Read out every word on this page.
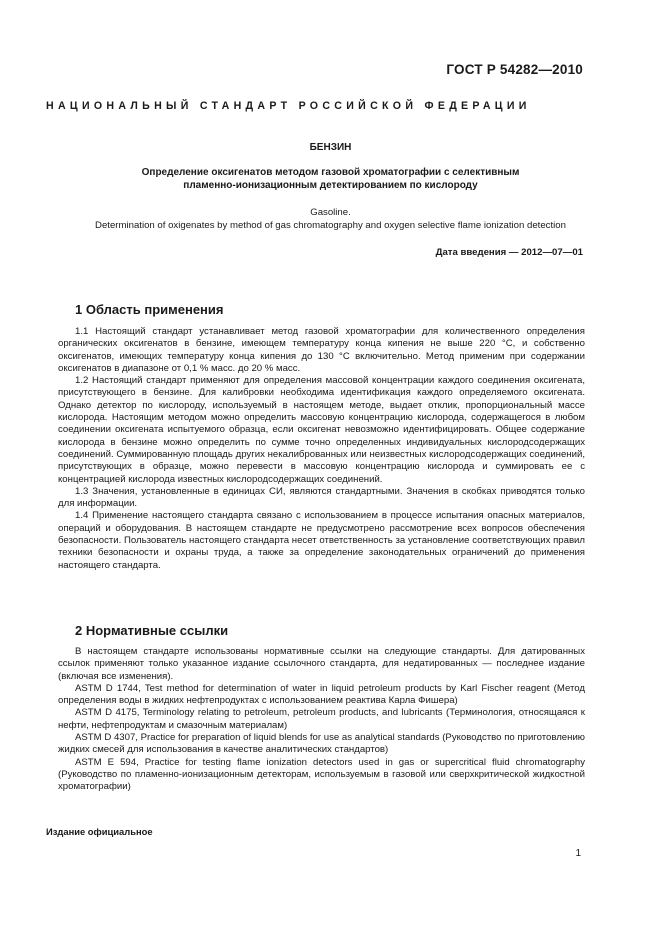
ГОСТ Р 54282—2010
НАЦИОНАЛЬНЫЙ СТАНДАРТ РОССИЙСКОЙ ФЕДЕРАЦИИ
БЕНЗИН
Определение оксигенатов методом газовой хроматографии с селективным
пламенно-ионизационным детектированием по кислороду
Gasoline.
Determination of oxigenates by method of gas chromatography and oxygen selective flame ionization detection
Дата введения — 2012—07—01
1 Область применения

1.1 Настоящий стандарт устанавливает метод газовой хроматографии для количественного определения органических оксигенатов в бензине, имеющем температуру конца кипения не выше 220 °С, и собственно оксигенатов, имеющих температуру конца кипения до 130 °С включительно. Метод применим при содержании оксигенатов в диапазоне от 0,1 % масс. до 20 % масс.

1.2 Настоящий стандарт применяют для определения массовой концентрации каждого соединения оксигената, присутствующего в бензине. Для калибровки необходима идентификация каждого определяемого оксигената. Однако детектор по кислороду, используемый в настоящем методе, выдает отклик, пропорциональный массе кислорода. Настоящим методом можно определить массовую концентрацию кислорода, содержащегося в любом соединении оксигената испытуемого образца, если оксигенат невозможно идентифицировать. Общее содержание кислорода в бензине можно определить по сумме точно определенных индивидуальных кислородсодержащих соединений. Суммированную площадь других некалиброванных или неизвестных кислородсодержащих соединений, присутствующих в образце, можно перевести в массовую концентрацию кислорода и суммировать ее с концентрацией кислорода известных кислородсодержащих соединений.

1.3 Значения, установленные в единицах СИ, являются стандартными. Значения в скобках приводятся только для информации.

1.4 Применение настоящего стандарта связано с использованием в процессе испытания опасных материалов, операций и оборудования. В настоящем стандарте не предусмотрено рассмотрение всех вопросов обеспечения безопасности. Пользователь настоящего стандарта несет ответственность за установление соответствующих правил техники безопасности и охраны труда, а также за определение законодательных ограничений до применения настоящего стандарта.

2 Нормативные ссылки

В настоящем стандарте использованы нормативные ссылки на следующие стандарты. Для датированных ссылок применяют только указанное издание ссылочного стандарта, для недатированных — последнее издание (включая все изменения).

ASTM D 1744, Test method for determination of water in liquid petroleum products by Karl Fischer reagent (Метод определения воды в жидких нефтепродуктах с использованием реактива Карла Фишера)

ASTM D 4175, Terminology relating to petroleum, petroleum products, and lubricants (Терминология, относящаяся к нефти, нефтепродуктам и смазочным материалам)

ASTM D 4307, Practice for preparation of liquid blends for use as analytical standards (Руководство по приготовлению жидких смесей для использования в качестве аналитических стандартов)

ASTM E 594, Practice for testing flame ionization detectors used in gas or supercritical fluid chromatography (Руководство по пламенно-ионизационным детекторам, используемым в газовой или сверхкритической жидкостной хроматографии)

Издание официальное
1
